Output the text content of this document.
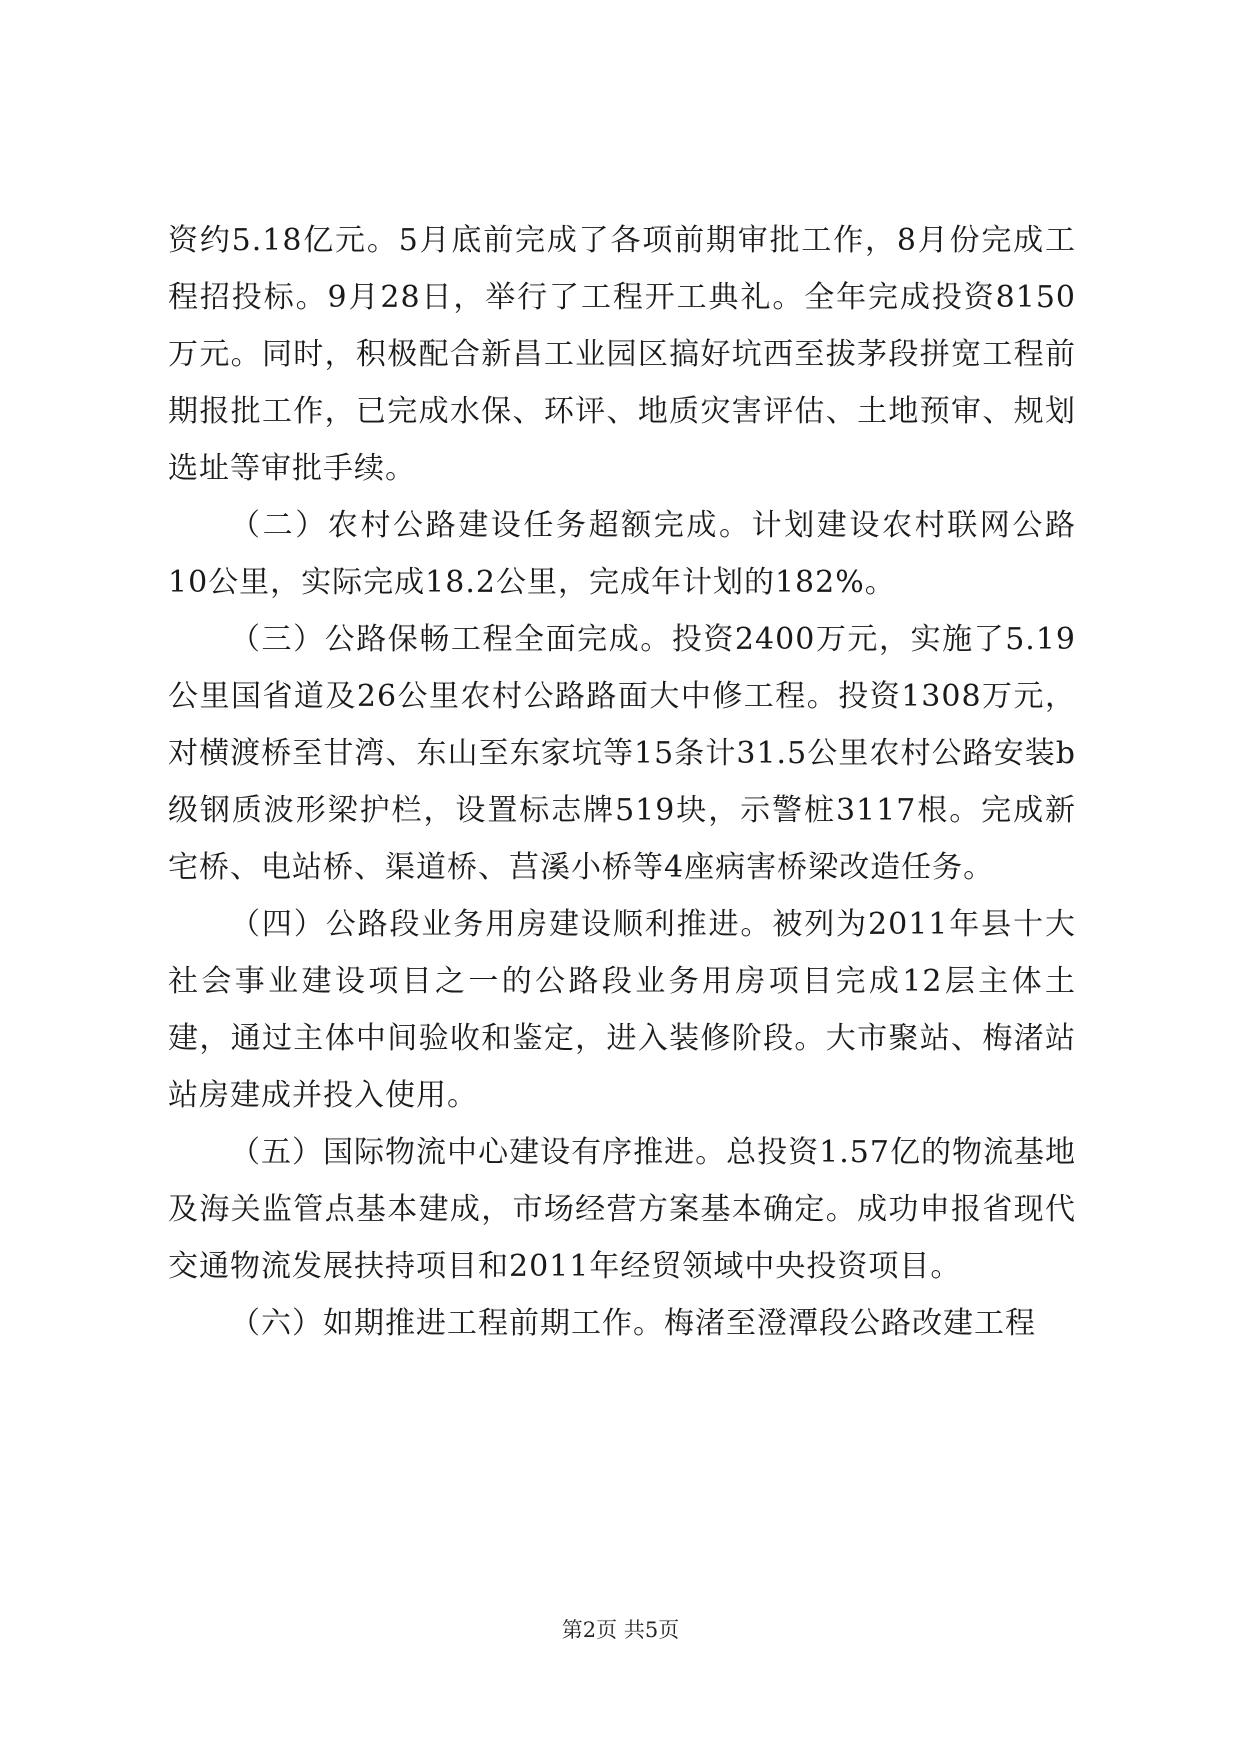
资约5.18亿元。5月底前完成了各项前期审批工作，8月份完成工程招投标。9月28日，举行了工程开工典礼。全年完成投资8150万元。同时，积极配合新昌工业园区搞好坑西至拔茅段拼宽工程前期报批工作，已完成水保、环评、地质灾害评估、土地预审、规划选址等审批手续。

（二）农村公路建设任务超额完成。计划建设农村联网公路10公里，实际完成18.2公里，完成年计划的182%。

（三）公路保畅工程全面完成。投资2400万元，实施了5.19公里国省道及26公里农村公路路面大中修工程。投资1308万元，对横渡桥至甘湾、东山至东家坑等15条计31.5公里农村公路安装b级钢质波形梁护栏，设置标志牌519块，示警桩3117根。完成新宅桥、电站桥、渠道桥、莒溪小桥等4座病害桥梁改造任务。

（四）公路段业务用房建设顺利推进。被列为2011年县十大社会事业建设项目之一的公路段业务用房项目完成12层主体土建，通过主体中间验收和鉴定，进入装修阶段。大市聚站、梅渚站站房建成并投入使用。

（五）国际物流中心建设有序推进。总投资1.57亿的物流基地及海关监管点基本建成，市场经营方案基本确定。成功申报省现代交通物流发展扶持项目和2011年经贸领域中央投资项目。

（六）如期推进工程前期工作。梅渚至澄潭段公路改建工程

第2页 共5页
